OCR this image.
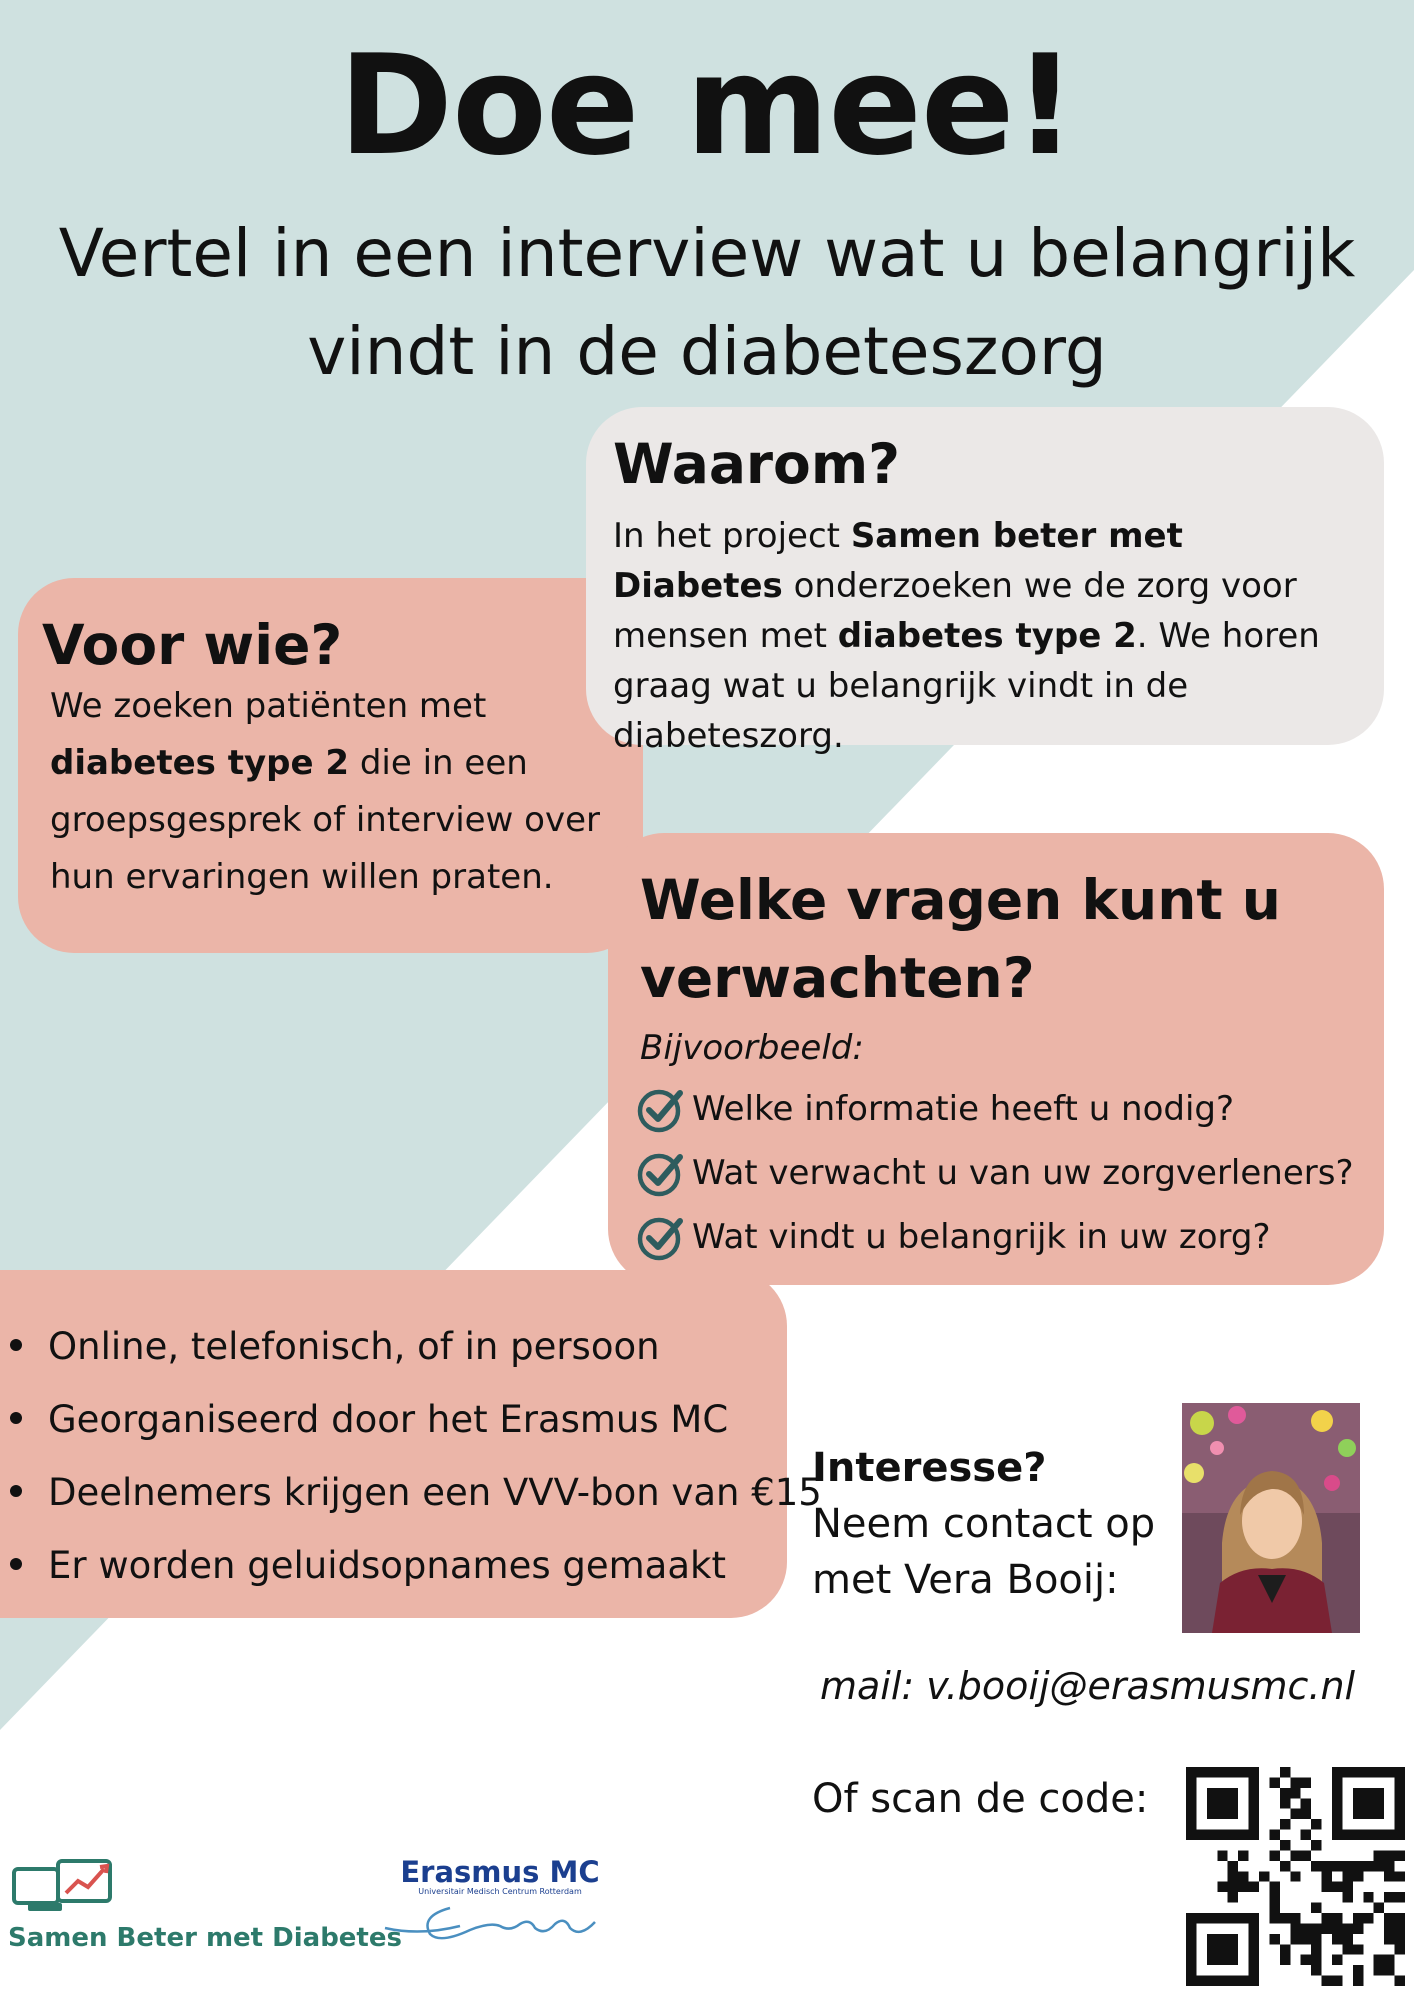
Doe mee!
Vertel in een interview wat u belangrijk
vindt in de diabeteszorg
Voor wie?

We zoeken patiënten met diabetes type 2 die in een groepsgesprek of interview over hun ervaringen willen praten.

Waarom?

In het project Samen beter met Diabetes onderzoeken we de zorg voor mensen met diabetes type 2. We horen graag wat u belangrijk vindt in de diabeteszorg.

Welke vragen kunt u verwachten?
Bijvoorbeeld:
Welke informatie heeft u nodig?
Wat verwacht u van uw zorgverleners?
Wat vindt u belangrijk in uw zorg?
Online, telefonisch, of in persoon
Georganiseerd door het Erasmus MC
Deelnemers krijgen een VVV-bon van €15
Er worden geluidsopnames gemaakt
Interesse?
Neem contact op
met Vera Booij:
mail: v.booij@erasmusmc.nl
Of scan de code:
Samen Beter met Diabetes
Erasmus MC
Universitair Medisch Centrum Rotterdam
